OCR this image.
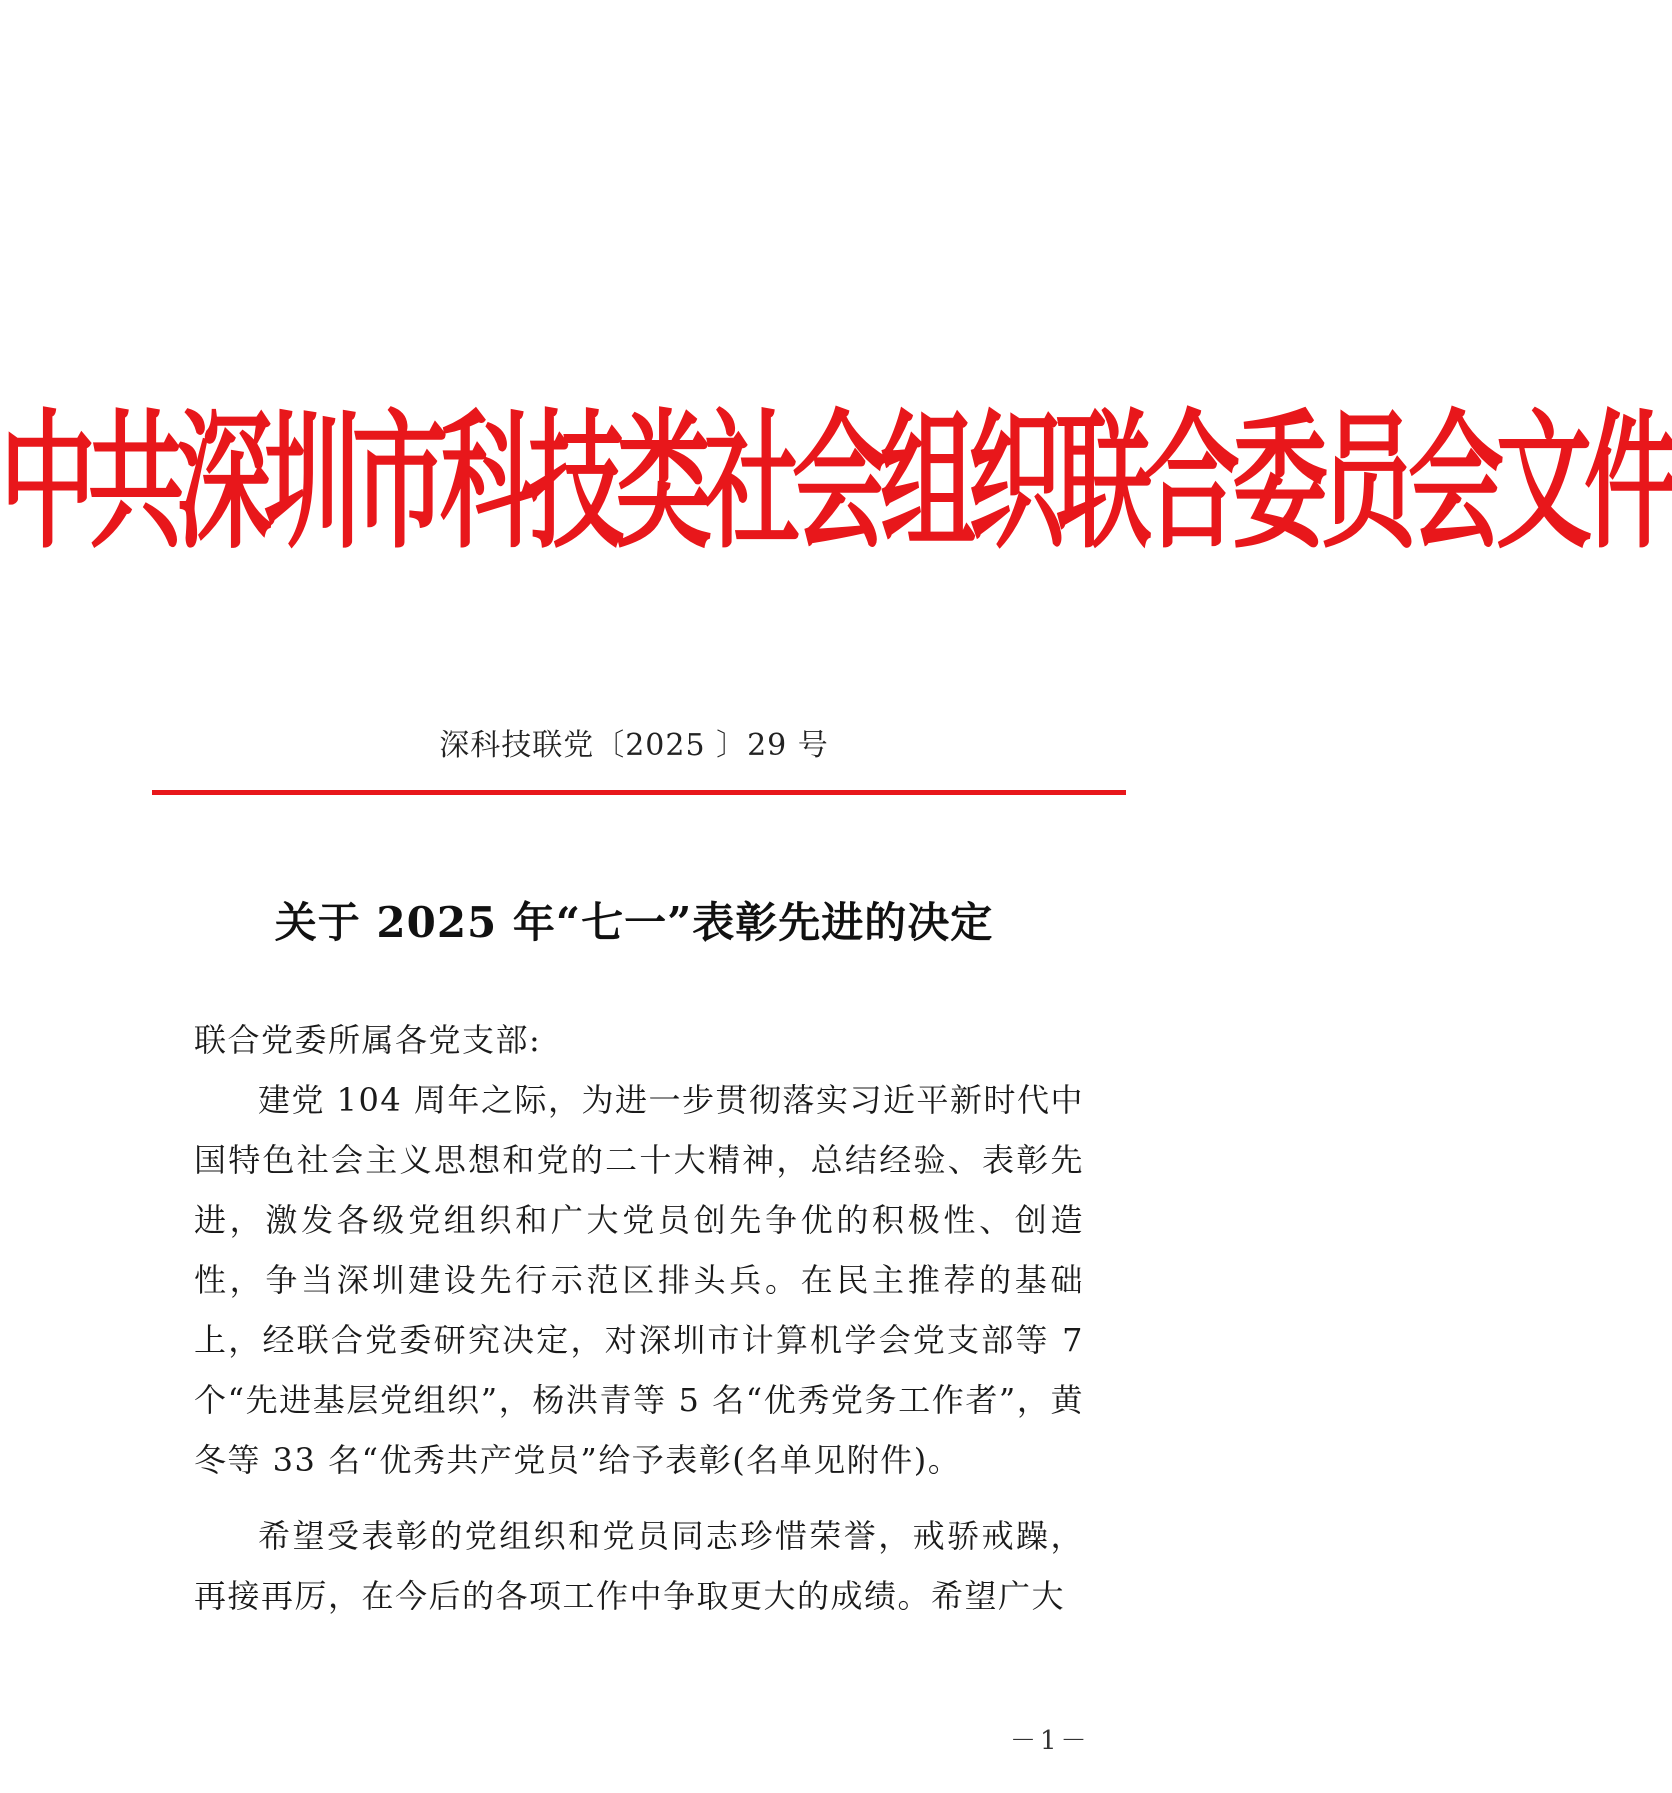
中共深圳市科技类社会组织联合委员会文件
深科技联党〔2025 〕29 号
关于 2025 年“七一”表彰先进的决定

联合党委所属各党支部:

建党 104 周年之际，为进一步贯彻落实习近平新时代中国特色社会主义思想和党的二十大精神，总结经验、表彰先进，激发各级党组织和广大党员创先争优的积极性、创造性，争当深圳建设先行示范区排头兵。在民主推荐的基础上，经联合党委研究决定，对深圳市计算机学会党支部等 7 个“先进基层党组织”，杨洪青等 5 名“优秀党务工作者”，黄冬等 33 名“优秀共产党员”给予表彰(名单见附件)。

希望受表彰的党组织和党员同志珍惜荣誉，戒骄戒躁，再接再厉，在今后的各项工作中争取更大的成绩。希望广大

－1－
